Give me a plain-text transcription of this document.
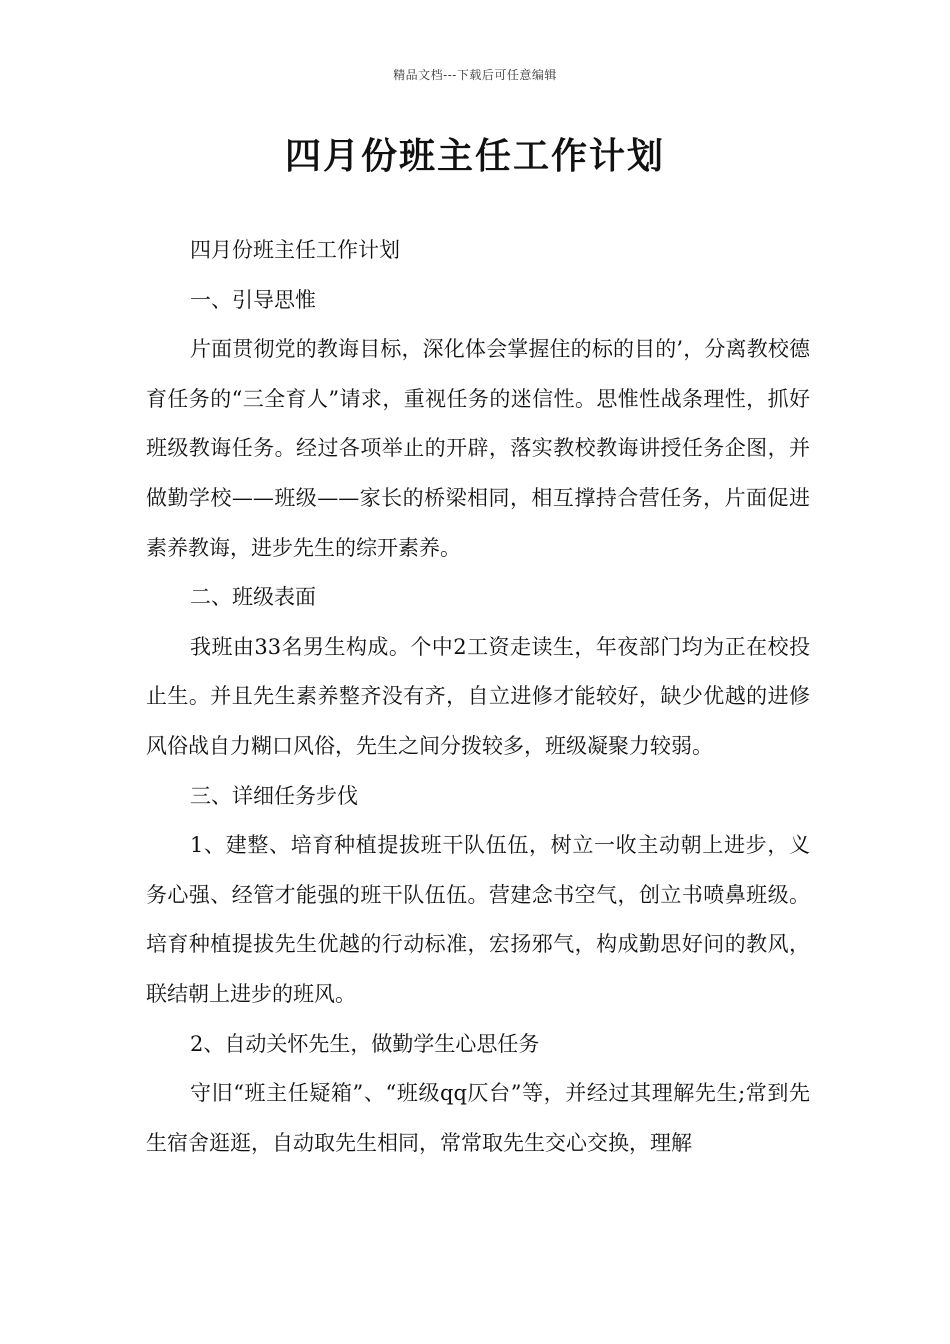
精品文档---下载后可任意编辑
四月份班主任工作计划

四月份班主任工作计划

一、引导思惟

片面贯彻党的教诲目标，深化体会掌握住的标的目的’，分离教校德育任务的“三全育人”请求，重视任务的迷信性。思惟性战条理性，抓好班级教诲任务。经过各项举止的开辟，落实教校教诲讲授任务企图，并做勤学校——班级——家长的桥梁相同，相互撑持合营任务，片面促进素养教诲，进步先生的综开素养。

二、班级表面

我班由33名男生构成。个中2工资走读生，年夜部门均为正在校投止生。并且先生素养整齐没有齐，自立进修才能较好，缺少优越的进修风俗战自力糊口风俗，先生之间分拨较多，班级凝聚力较弱。

三、详细任务步伐

1、建整、培育种植提拔班干队伍伍，树立一收主动朝上进步，义务心强、经管才能强的班干队伍伍。营建念书空气，创立书喷鼻班级。培育种植提拔先生优越的行动标准，宏扬邪气，构成勤思好问的教风，联结朝上进步的班风。

2、自动关怀先生，做勤学生心思任务

守旧“班主任疑箱”、“班级qq仄台”等，并经过其理解先生;常到先生宿舍逛逛，自动取先生相同，常常取先生交心交换，理解
